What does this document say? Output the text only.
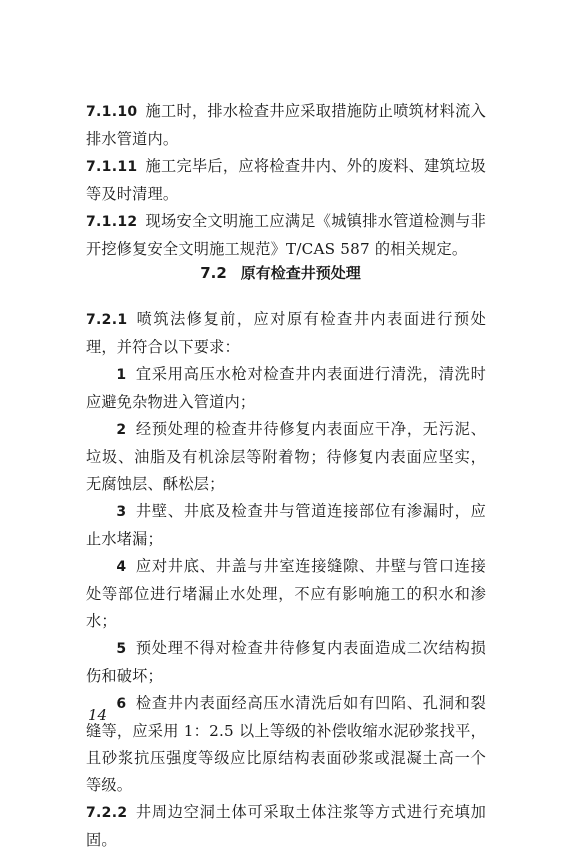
7.1.10 施工时，排水检查井应采取措施防止喷筑材料流入排水管道内。

7.1.11 施工完毕后，应将检查井内、外的废料、建筑垃圾等及时清理。

7.1.12 现场安全文明施工应满足《城镇排水管道检测与非开挖修复安全文明施工规范》T/CAS 587 的相关规定。

7.2 原有检查井预处理

7.2.1 喷筑法修复前，应对原有检查井内表面进行预处理，并符合以下要求：

1 宜采用高压水枪对检查井内表面进行清洗，清洗时应避免杂物进入管道内；

2 经预处理的检查井待修复内表面应干净，无污泥、垃圾、油脂及有机涂层等附着物；待修复内表面应坚实，无腐蚀层、酥松层；

3 井壁、井底及检查井与管道连接部位有渗漏时，应止水堵漏；

4 应对井底、井盖与井室连接缝隙、井壁与管口连接处等部位进行堵漏止水处理，不应有影响施工的积水和渗水；

5 预处理不得对检查井待修复内表面造成二次结构损伤和破坏；

6 检查井内表面经高压水清洗后如有凹陷、孔洞和裂缝等，应采用 1：2.5 以上等级的补偿收缩水泥砂浆找平，且砂浆抗压强度等级应比原结构表面砂浆或混凝土高一个等级。

7.2.2 井周边空洞土体可采取土体注浆等方式进行充填加固。

14
